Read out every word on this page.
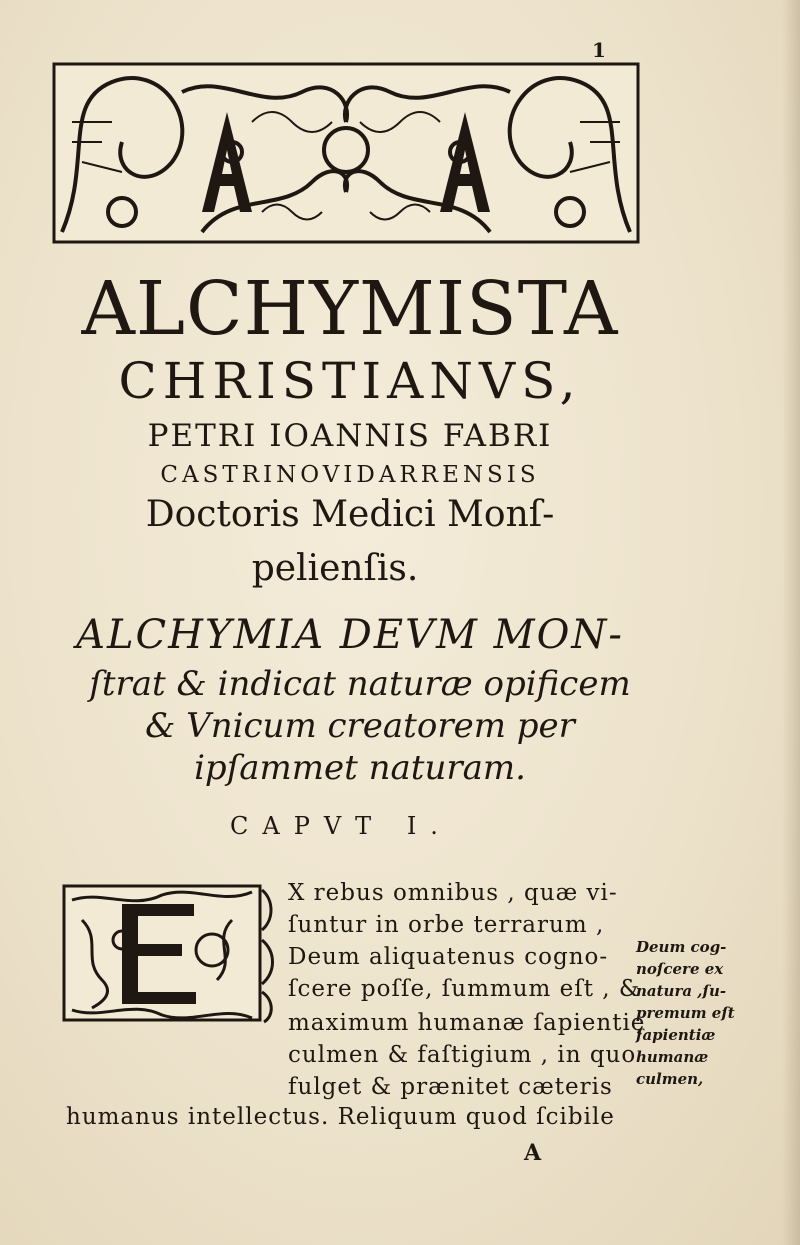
1
ALCHYMISTA
CHRISTIANVS,
PETRI IOANNIS FABRI
CASTRINOVIDARRENSIS
Doctoris Medici Monſ-
pelienſis.
ALCHYMIA DEVM MON-
ſtrat & indicat naturæ opificem
& Vnicum creatorem per
ipſammet naturam.
CAPVT I.
X rebus omnibus , quæ vi-
ſuntur in orbe terrarum ,
Deum aliquatenus cogno-
ſcere poſſe, ſummum eſt , &
maximum humanæ ſapientię
culmen & faſtigium , in quo
fulget & prænitet cæteris
humanus intellectus. Reliquum quod ſcibile
Deum cog-
noſcere ex
natura ,ſu-
premum eſt
ſapientiæ
humanæ
culmen,
A
